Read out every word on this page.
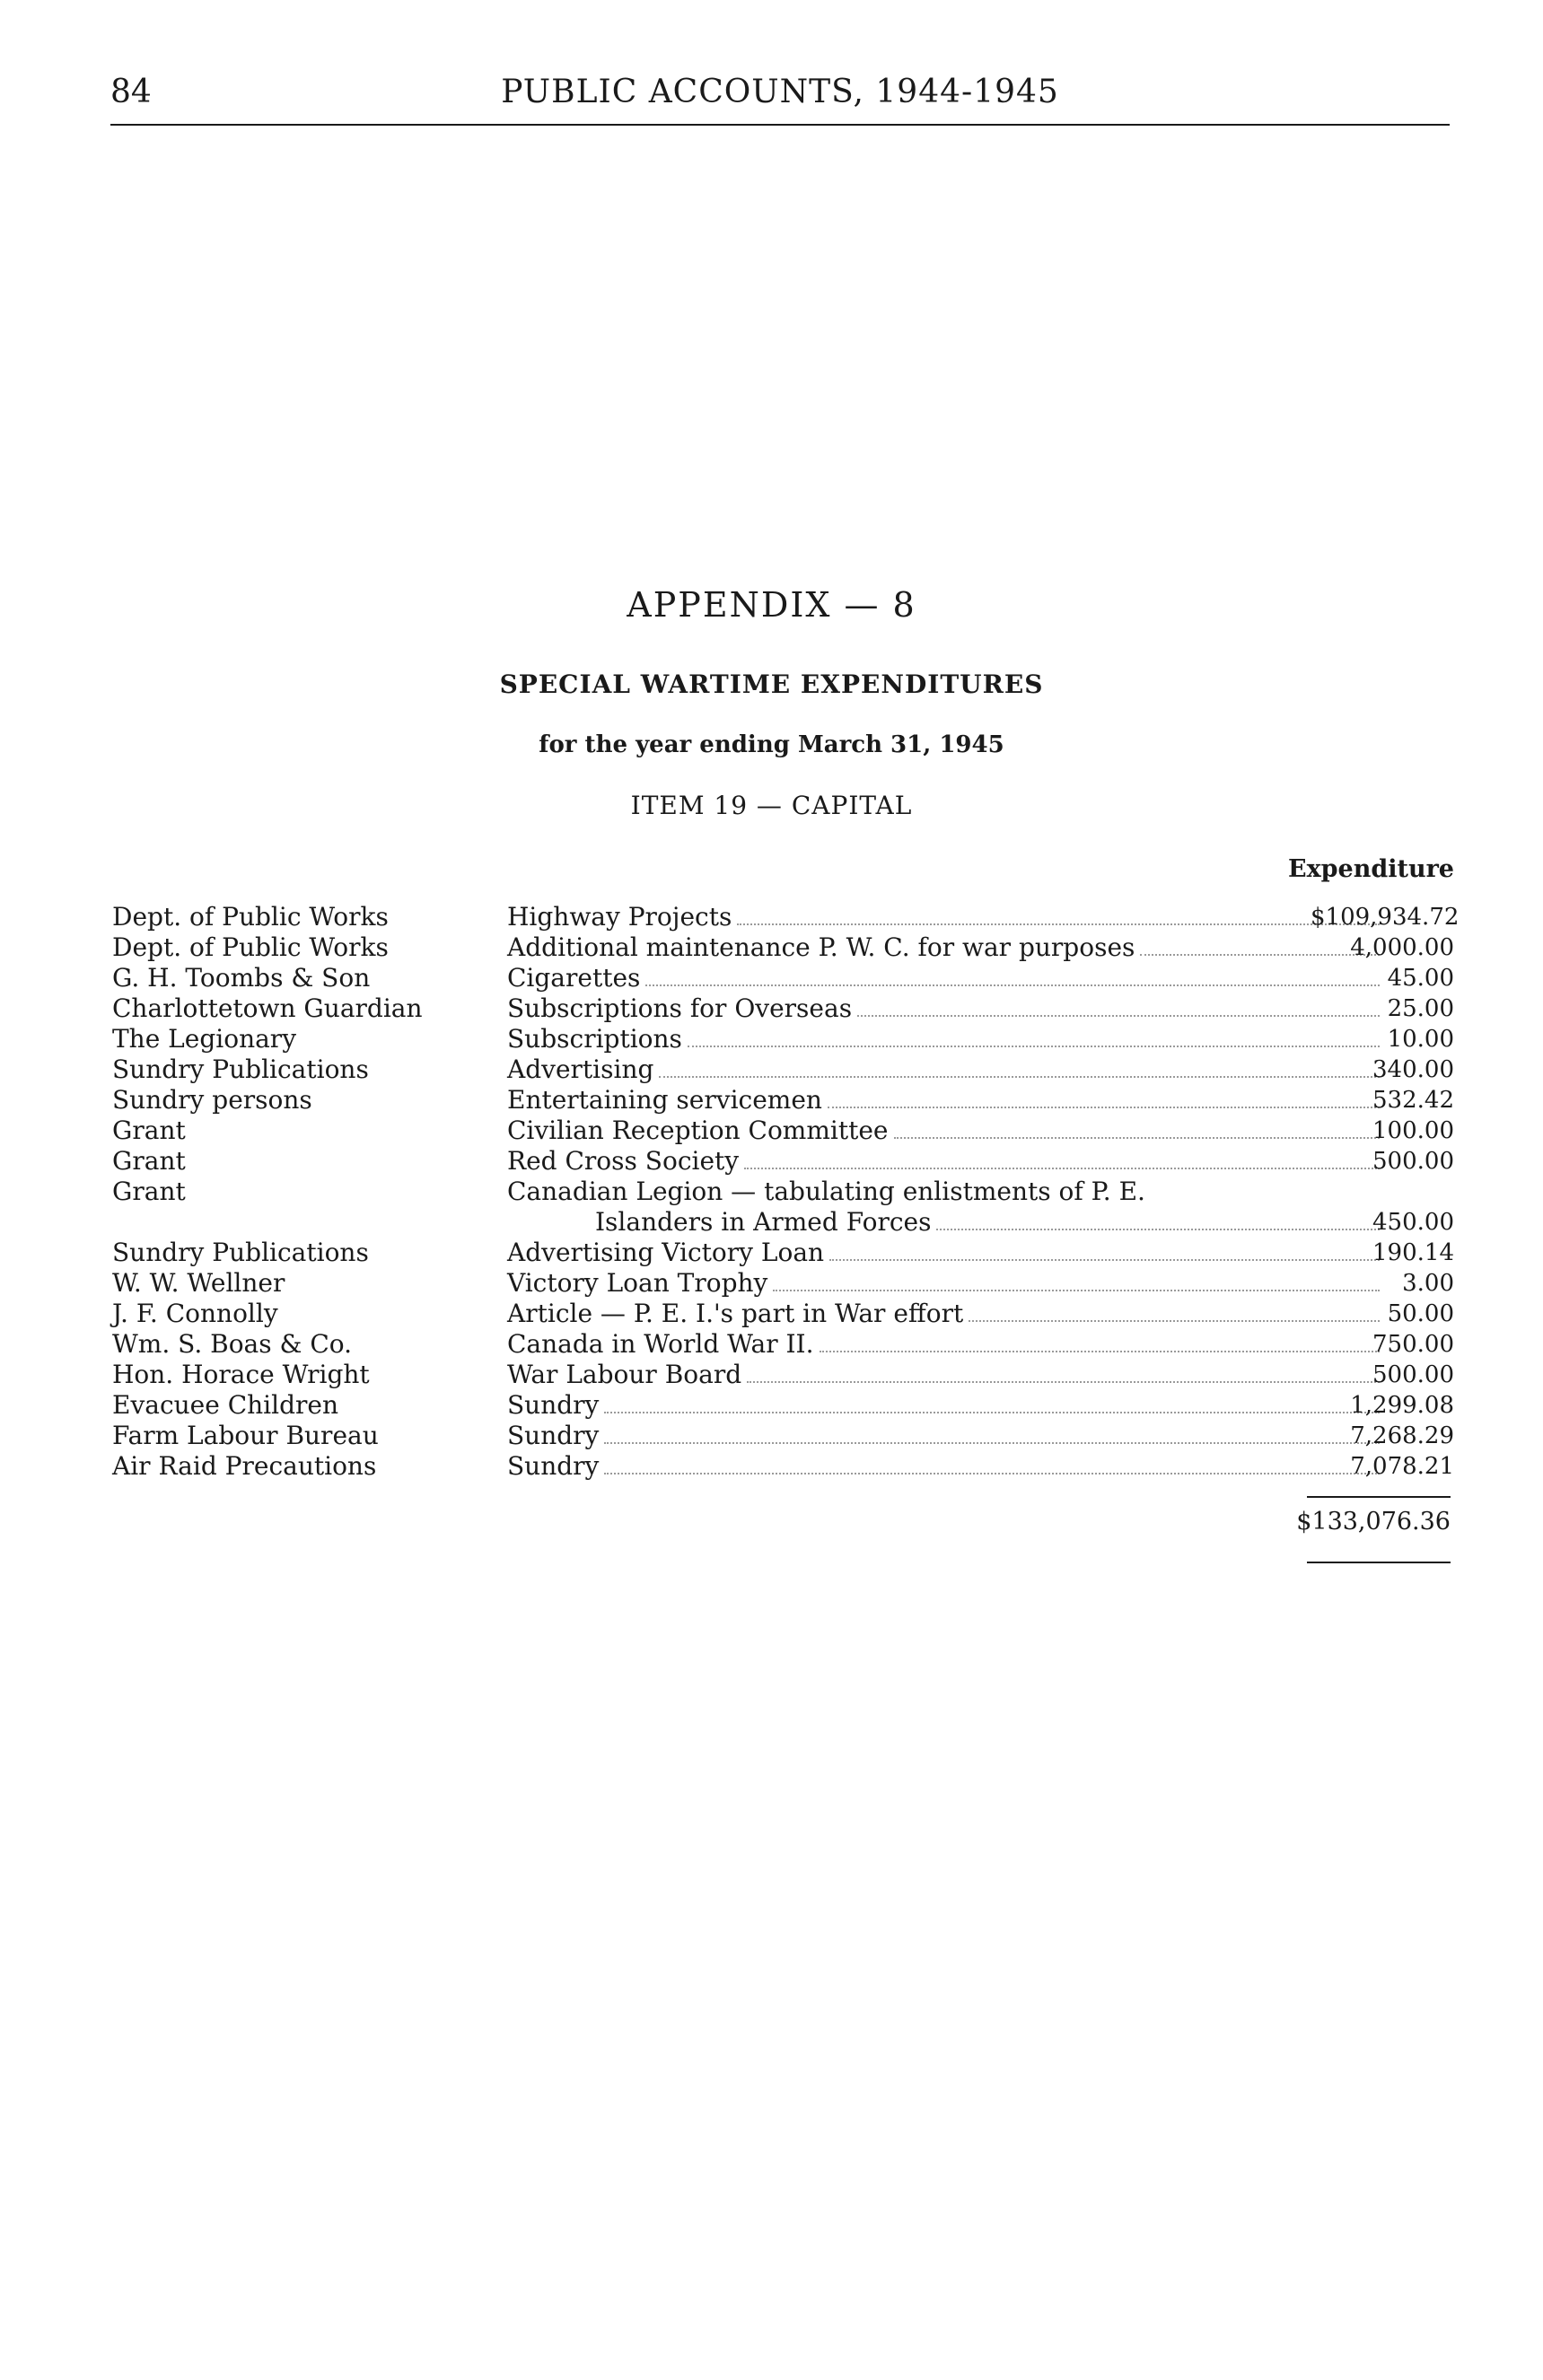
84	PUBLIC ACCOUNTS, 1944-1945
APPENDIX — 8
SPECIAL WARTIME EXPENDITURES
for the year ending March 31, 1945
ITEM 19 — CAPITAL
Expenditure
Dept. of Public Works	Highway Projects	$109,934.72
Dept. of Public Works	Additional maintenance P. W. C. for war purposes	4,000.00
G. H. Toombs & Son	Cigarettes	45.00
Charlottetown Guardian	Subscriptions for Overseas	25.00
The Legionary	Subscriptions	10.00
Sundry Publications	Advertising	340.00
Sundry persons	Entertaining servicemen	532.42
Grant	Civilian Reception Committee	100.00
Grant	Red Cross Society	500.00
Grant	Canadian Legion — tabulating enlistments of P. E.
Islanders in Armed Forces	450.00
Sundry Publications	Advertising Victory Loan	190.14
W. W. Wellner	Victory Loan Trophy	3.00
J. F. Connolly	Article — P. E. I.'s part in War effort	50.00
Wm. S. Boas & Co.	Canada in World War II.	750.00
Hon. Horace Wright	War Labour Board	500.00
Evacuee Children	Sundry	1,299.08
Farm Labour Bureau	Sundry	7,268.29
Air Raid Precautions	Sundry	7,078.21
$133,076.36
